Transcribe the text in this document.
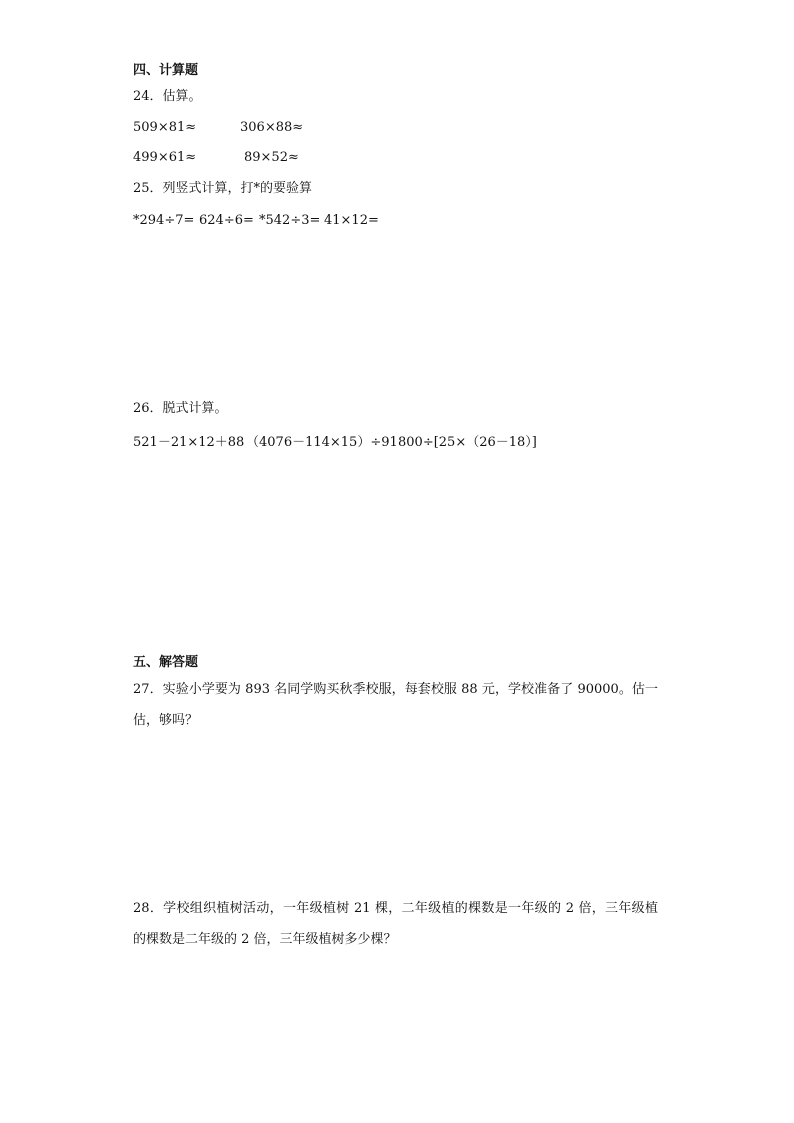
四、计算题
24．估算。
509×81≈	306×88≈
499×61≈	89×52≈
25．列竖式计算，打*的要验算
*294÷7= 624÷6= *542÷3= 41×12=
26．脱式计算。
521－21×12＋88 （4076－114×15）÷91 800÷[25×（26－18）]
五、解答题
27．实验小学要为 893 名同学购买秋季校服，每套校服 88 元，学校准备了 90000。估一估，够吗？
28．学校组织植树活动，一年级植树 21 棵，二年级植的棵数是一年级的 2 倍，三年级植的棵数是二年级的 2 倍，三年级植树多少棵？
